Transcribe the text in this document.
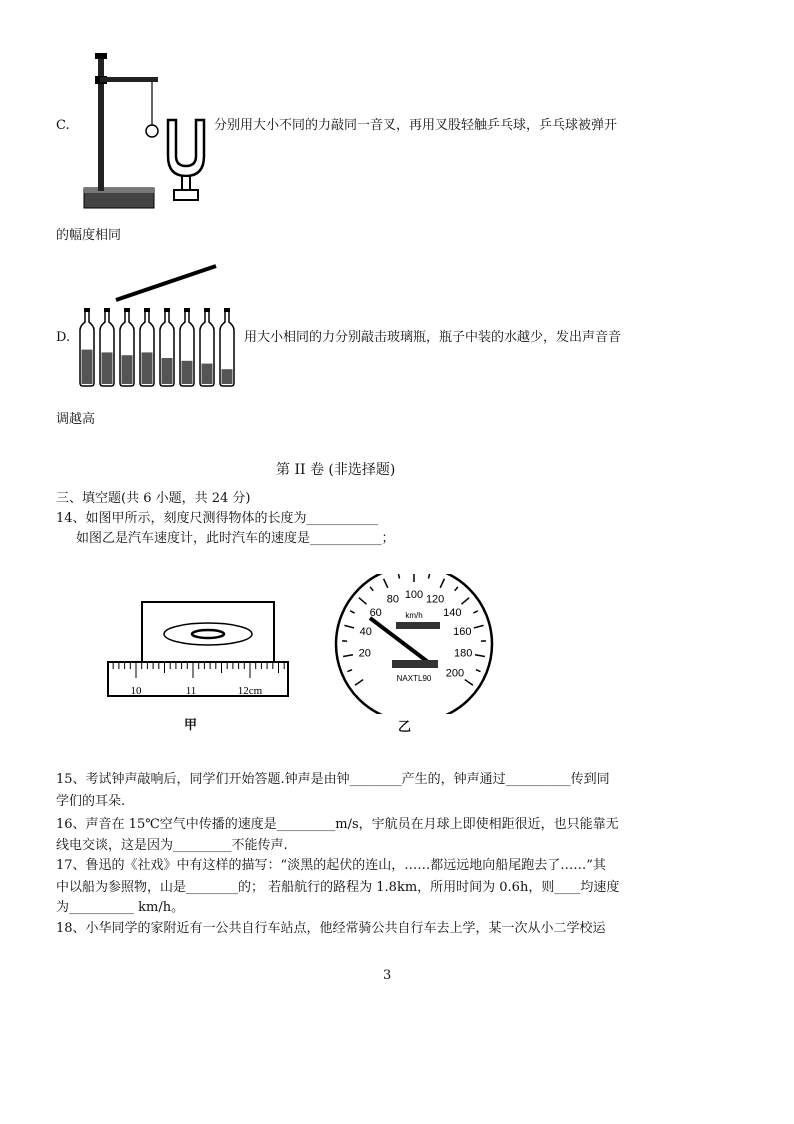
C.	分别用大小不同的力敲同一音叉，再用叉股轻触乒乓球，乒乓球被弹开
的幅度相同
D.	用大小相同的力分别敲击玻璃瓶，瓶子中装的水越少，发出声音音
调越高
第 II 卷 (非选择题)
三、填空题(共 6 小题，共 24 分)
14、如图甲所示，刻度尺测得物体的长度为___________
如图乙是汽车速度计，此时汽车的速度是___________；
10	11	12cm
甲
20
40
60
80 100 120
140
160
180
200
km/h
NAXTL90
乙
15、考试钟声敲响后，同学们开始答题.钟声是由钟________产生的，钟声通过__________传到同
学们的耳朵.
16、声音在 15℃空气中传播的速度是_________m/s，宇航员在月球上即使相距很近，也只能靠无
线电交谈，这是因为_________不能传声.
17、鲁迅的《社戏》中有这样的描写：“淡黑的起伏的连山，……都远远地向船尾跑去了……”其
中以船为参照物，山是________的； 若船航行的路程为 1.8km，所用时间为 0.6h，则____均速度
为__________ km/h。
18、小华同学的家附近有一公共自行车站点，他经常骑公共自行车去上学，某一次从小二学校运
3
